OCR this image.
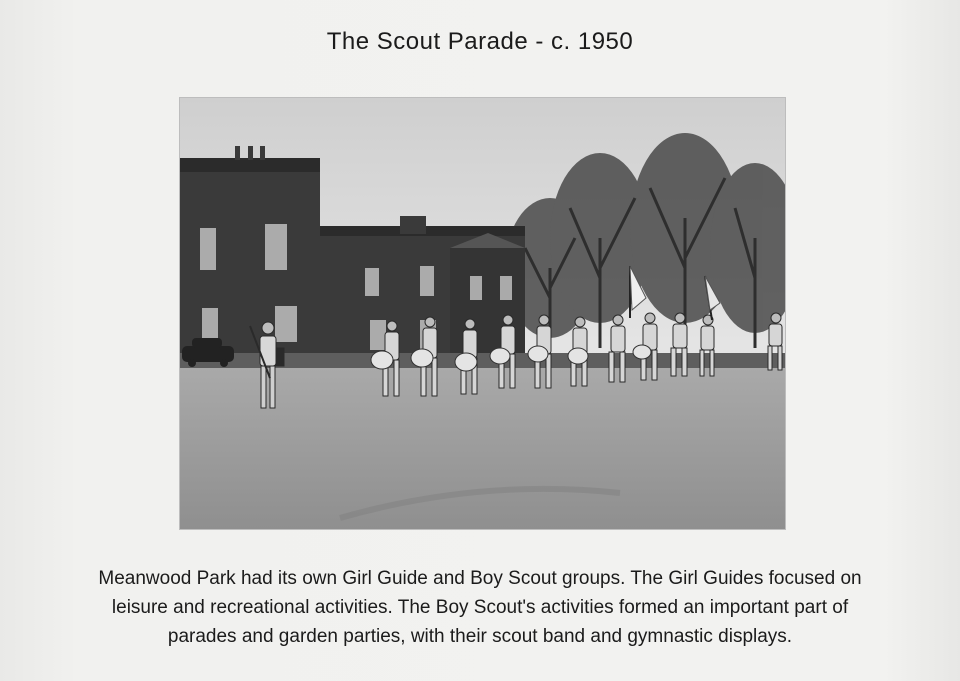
The Scout Parade - c. 1950
Meanwood Park had its own Girl Guide and Boy Scout groups. The Girl Guides focused on
leisure and recreational activities. The Boy Scout's activities formed an important part of
parades and garden parties, with their scout band and gymnastic displays.
